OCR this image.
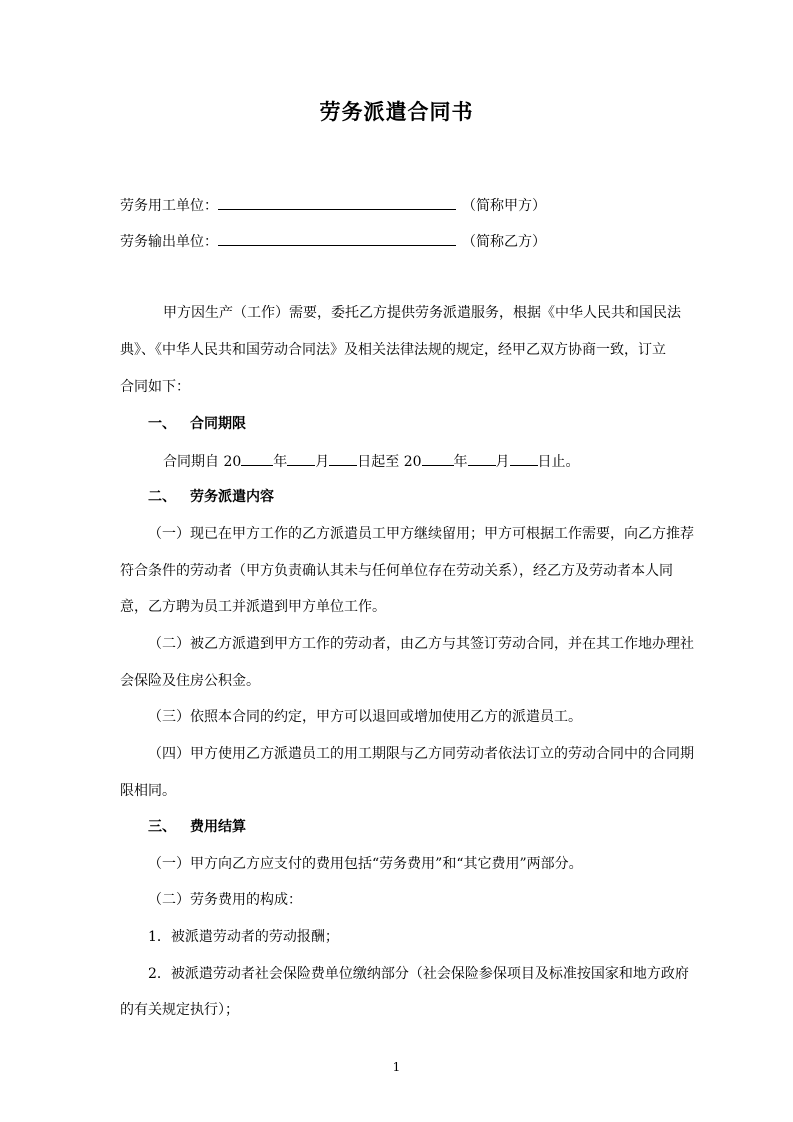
劳务派遣合同书
劳务用工单位：	（简称甲方）
劳务输出单位：	（简称乙方）
甲方因生产（工作）需要，委托乙方提供劳务派遣服务，根据《中华人民共和国民法
典》、《中华人民共和国劳动合同法》及相关法律法规的规定，经甲乙双方协商一致，订立
合同如下：
一、 合同期限
合同期自 20 年 月 日起至 20 年 月 日止。
二、 劳务派遣内容
（一）现已在甲方工作的乙方派遣员工甲方继续留用；甲方可根据工作需要，向乙方推荐
符合条件的劳动者（甲方负责确认其未与任何单位存在劳动关系），经乙方及劳动者本人同
意，乙方聘为员工并派遣到甲方单位工作。
（二）被乙方派遣到甲方工作的劳动者，由乙方与其签订劳动合同，并在其工作地办理社
会保险及住房公积金。
（三）依照本合同的约定，甲方可以退回或增加使用乙方的派遣员工。
（四）甲方使用乙方派遣员工的用工期限与乙方同劳动者依法订立的劳动合同中的合同期
限相同。
三、 费用结算
（一）甲方向乙方应支付的费用包括“劳务费用”和“其它费用”两部分。
（二）劳务费用的构成：
1．被派遣劳动者的劳动报酬；
2．被派遣劳动者社会保险费单位缴纳部分（社会保险参保项目及标准按国家和地方政府
的有关规定执行）；
1
